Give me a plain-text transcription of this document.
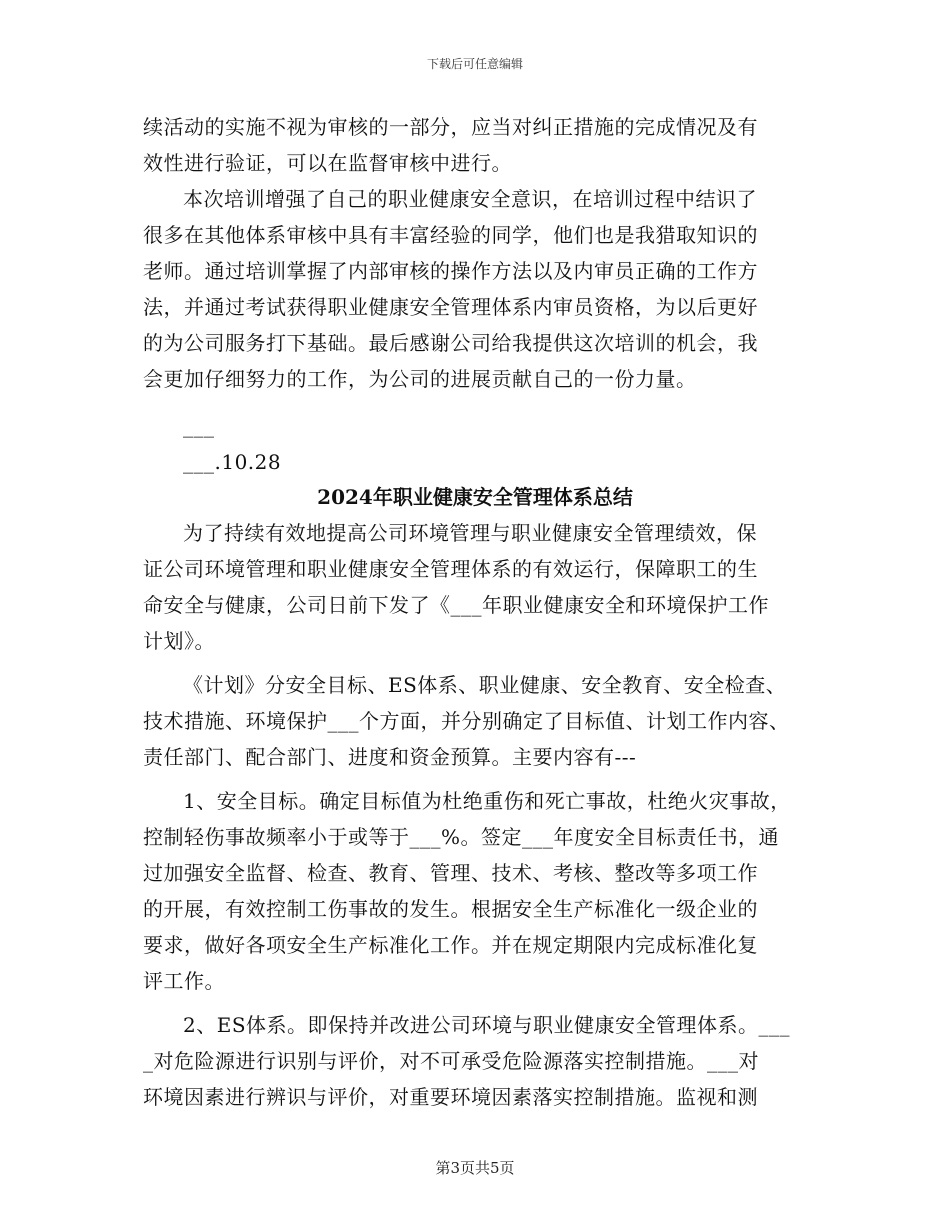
下载后可任意编辑
续活动的实施不视为审核的一部分，应当对纠正措施的完成情况及有
效性进行验证，可以在监督审核中进行。
本次培训增强了自己的职业健康安全意识，在培训过程中结识了
很多在其他体系审核中具有丰富经验的同学，他们也是我猎取知识的
老师。通过培训掌握了内部审核的操作方法以及内审员正确的工作方
法，并通过考试获得职业健康安全管理体系内审员资格，为以后更好
的为公司服务打下基础。最后感谢公司给我提供这次培训的机会，我
会更加仔细努力的工作，为公司的进展贡献自己的一份力量。
___
___.10.28
2024年职业健康安全管理体系总结
为了持续有效地提高公司环境管理与职业健康安全管理绩效，保
证公司环境管理和职业健康安全管理体系的有效运行，保障职工的生
命安全与健康，公司日前下发了《___年职业健康安全和环境保护工作
计划》。
《计划》分安全目标、ES体系、职业健康、安全教育、安全检查、
技术措施、环境保护___个方面，并分别确定了目标值、计划工作内容、
责任部门、配合部门、进度和资金预算。主要内容有---
1、安全目标。确定目标值为杜绝重伤和死亡事故，杜绝火灾事故，
控制轻伤事故频率小于或等于___%。签定___年度安全目标责任书，通
过加强安全监督、检查、教育、管理、技术、考核、整改等多项工作
的开展，有效控制工伤事故的发生。根据安全生产标准化一级企业的
要求，做好各项安全生产标准化工作。并在规定期限内完成标准化复
评工作。
2、ES体系。即保持并改进公司环境与职业健康安全管理体系。___
_对危险源进行识别与评价，对不可承受危险源落实控制措施。___对
环境因素进行辨识与评价，对重要环境因素落实控制措施。监视和测
第3页共5页
